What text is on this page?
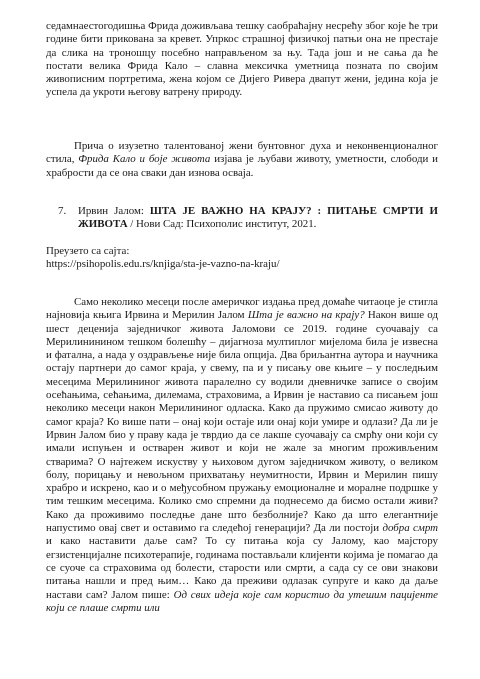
седамнаестогодишња Фрида доживљава тешку саобраћајну несрећу због које ће три године бити прикована за кревет. Упркос страшној физичкој патњи она не престаје да слика на троношцу посебно направљеном за њу. Тада још и не сања да ће постати велика Фрида Кало – славна мексичка уметница позната по својим живописним портретима, жена којом се Дијего Ривера двапут жени, једина која је успела да укроти његову ватрену природу.

Прича о изузетно талентованој жени бунтовног духа и неконвенционалног стила, Фрида Кало и боје живота изјава је љубави животу, уметности, слободи и храбрости да се она сваки дан изнова осваја.

7. Ирвин Јалом: ШТА ЈЕ ВАЖНО НА КРАЈУ? : ПИТАЊЕ СМРТИ И ЖИВОТА / Нови Сад: Психополис институт, 2021.

Преузето са сајта:
https://psihopolis.edu.rs/knjiga/sta-je-vazno-na-kraju/

Само неколико месеци после америчког издања пред домаће читаоце је стигла најновија књига Ирвина и Мерилин Јалом Шта је важно на крају? Након више од шест деценија заједничког живота Јаломови се 2019. године суочавају са Мерилининином тешком болешћу – дијагноза мултиплог мијелома била је извесна и фатална, а нада у оздрављење није била опција. Два бриљантна аутора и научника остају партнери до самог краја, у свему, па и у писању ове књиге – у последњим месецима Мерилининог живота паралелно су водили дневничке записе о својим осећањима, сећањима, дилемама, страховима, а Ирвин је наставио са писањем још неколико месеци након Мерилининог одласка. Како да пружимо смисао животу до самог краја? Ко више пати – онај који остаје или онај који умире и одлази? Да ли је Ирвин Јалом био у праву када је тврдио да се лакше суочавају са смрћу они који су имали испуњен и остварен живот и који не жале за многим проживљеним стварима? О најтежем искуству у њиховом дугом заједничком животу, о великом болу, порицању и невољном прихватању неумитности, Ирвин и Мерилин пишу храбро и искрено, као и о међусобном пружању емоционалне и моралне подршке у тим тешким месецима. Колико смо спремни да поднесемо да бисмо остали живи? Како да проживимо последње дане што безболније? Како да што елегантније напустимо овај свет и оставимо га следећој генерацији? Да ли постоји добра смрт и како наставити даље сам? То су питања која су Јалому, као мајстору егзистенцијалне психотерапије, годинама постављали клијенти којима је помагао да се суоче са страховима од болести, старости или смрти, а сада су се ови знакови питања нашли и пред њим… Како да преживи одлазак супруге и како да даље настави сам? Јалом пише: Од свих идеја које сам користио да утешим пацијенте који се плаше смрти или
